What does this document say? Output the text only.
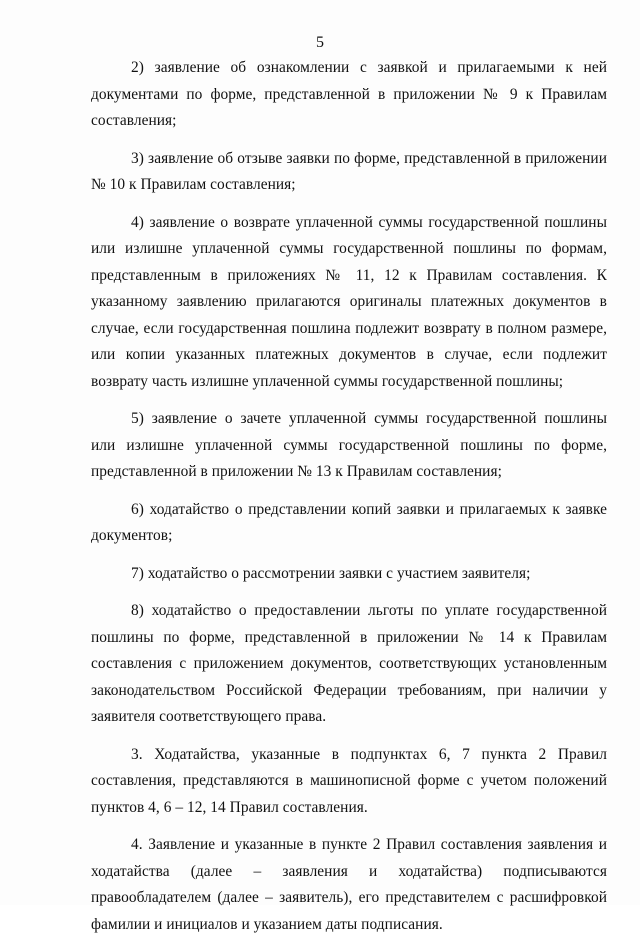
5

2) заявление об ознакомлении с заявкой и прилагаемыми к ней документами по форме, представленной в приложении № 9 к Правилам составления;

3) заявление об отзыве заявки по форме, представленной в приложении № 10 к Правилам составления;

4) заявление о возврате уплаченной суммы государственной пошлины или излишне уплаченной суммы государственной пошлины по формам, представленным в приложениях № 11, 12 к Правилам составления. К указанному заявлению прилагаются оригиналы платежных документов в случае, если государственная пошлина подлежит возврату в полном размере, или копии указанных платежных документов в случае, если подлежит возврату часть излишне уплаченной суммы государственной пошлины;

5) заявление о зачете уплаченной суммы государственной пошлины или излишне уплаченной суммы государственной пошлины по форме, представленной в приложении № 13 к Правилам составления;

6) ходатайство о представлении копий заявки и прилагаемых к заявке документов;

7) ходатайство о рассмотрении заявки с участием заявителя;

8) ходатайство о предоставлении льготы по уплате государственной пошлины по форме, представленной в приложении № 14 к Правилам составления с приложением документов, соответствующих установленным законодательством Российской Федерации требованиям, при наличии у заявителя соответствующего права.

3. Ходатайства, указанные в подпунктах 6, 7 пункта 2 Правил составления, представляются в машинописной форме с учетом положений пунктов 4, 6 – 12, 14 Правил составления.

4. Заявление и указанные в пункте 2 Правил составления заявления и ходатайства (далее – заявления и ходатайства) подписываются правообладателем (далее – заявитель), его представителем с расшифровкой фамилии и инициалов и указанием даты подписания.
